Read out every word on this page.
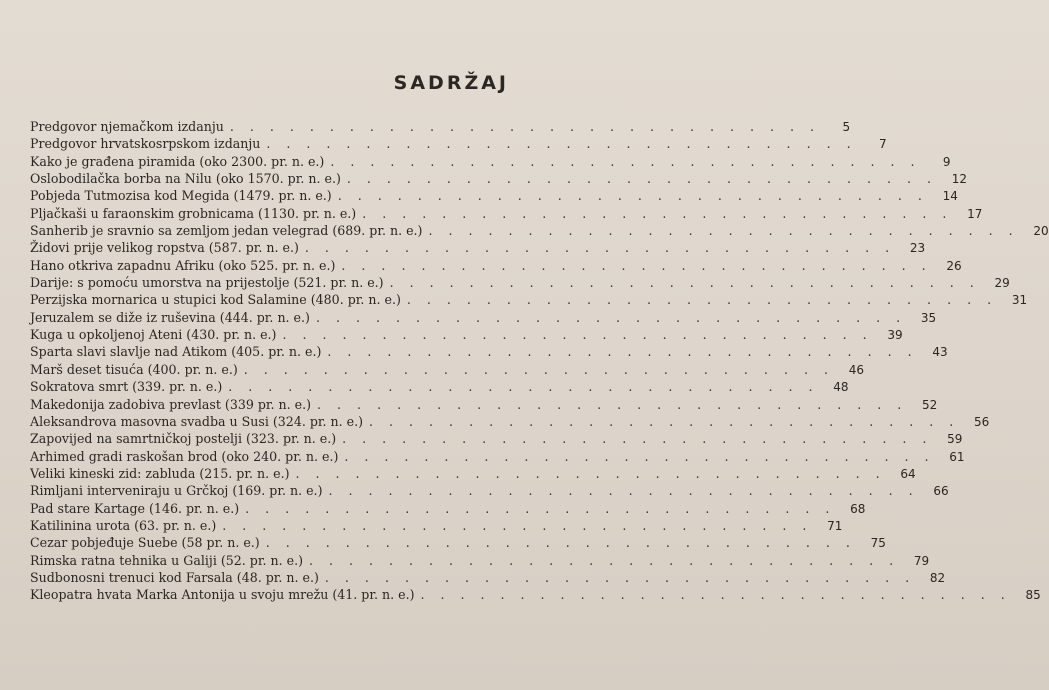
SADRŽAJ
Predgovor njemačkom izdanju . . . . . . . . . . . . . . . . . . . . . . . . . . . . . .	5
Predgovor hrvatskosrpskom izdanju . . . . . . . . . . . . . . . . . . . . . . . . . . . . . .	7
Kako je građena piramida (oko 2300. pr. n. e.) . . . . . . . . . . . . . . . . . . . . . . . . . . . . . .	9
Oslobodilačka borba na Nilu (oko 1570. pr. n. e.) . . . . . . . . . . . . . . . . . . . . . . . . . . . . . .	12
Pobjeda Tutmozisa kod Megida (1479. pr. n. e.) . . . . . . . . . . . . . . . . . . . . . . . . . . . . . .	14
Pljačkaši u faraonskim grobnicama (1130. pr. n. e.) . . . . . . . . . . . . . . . . . . . . . . . . . . . . . .	17
Sanherib je sravnio sa zemljom jedan velegrad (689. pr. n. e.) . . . . . . . . . . . . . . . . . . . . . . . . . . . . . .	20
Židovi prije velikog ropstva (587. pr. n. e.) . . . . . . . . . . . . . . . . . . . . . . . . . . . . . .	23
Hano otkriva zapadnu Afriku (oko 525. pr. n. e.) . . . . . . . . . . . . . . . . . . . . . . . . . . . . . .	26
Darije: s pomoću umorstva na prijestolje (521. pr. n. e.) . . . . . . . . . . . . . . . . . . . . . . . . . . . . . .	29
Perzijska mornarica u stupici kod Salamine (480. pr. n. e.) . . . . . . . . . . . . . . . . . . . . . . . . . . . . . .	31
Jeruzalem se diže iz ruševina (444. pr. n. e.) . . . . . . . . . . . . . . . . . . . . . . . . . . . . . .	35
Kuga u opkoljenoj Ateni (430. pr. n. e.) . . . . . . . . . . . . . . . . . . . . . . . . . . . . . .	39
Sparta slavi slavlje nad Atikom (405. pr. n. e.) . . . . . . . . . . . . . . . . . . . . . . . . . . . . . .	43
Marš deset tisuća (400. pr. n. e.) . . . . . . . . . . . . . . . . . . . . . . . . . . . . . .	46
Sokratova smrt (339. pr. n. e.) . . . . . . . . . . . . . . . . . . . . . . . . . . . . . .	48
Makedonija zadobiva prevlast (339 pr. n. e.) . . . . . . . . . . . . . . . . . . . . . . . . . . . . . .	52
Aleksandrova masovna svadba u Susi (324. pr. n. e.) . . . . . . . . . . . . . . . . . . . . . . . . . . . . . .	56
Zapovijed na samrtničkoj postelji (323. pr. n. e.) . . . . . . . . . . . . . . . . . . . . . . . . . . . . . .	59
Arhimed gradi raskošan brod (oko 240. pr. n. e.) . . . . . . . . . . . . . . . . . . . . . . . . . . . . . .	61
Veliki kineski zid: zabluda (215. pr. n. e.) . . . . . . . . . . . . . . . . . . . . . . . . . . . . . .	64
Rimljani interveniraju u Grčkoj (169. pr. n. e.) . . . . . . . . . . . . . . . . . . . . . . . . . . . . . .	66
Pad stare Kartage (146. pr. n. e.) . . . . . . . . . . . . . . . . . . . . . . . . . . . . . .	68
Katilinina urota (63. pr. n. e.) . . . . . . . . . . . . . . . . . . . . . . . . . . . . . .	71
Cezar pobjeđuje Suebe (58 pr. n. e.) . . . . . . . . . . . . . . . . . . . . . . . . . . . . . .	75
Rimska ratna tehnika u Galiji (52. pr. n. e.) . . . . . . . . . . . . . . . . . . . . . . . . . . . . . .	79
Sudbonosni trenuci kod Farsala (48. pr. n. e.) . . . . . . . . . . . . . . . . . . . . . . . . . . . . . .	82
Kleopatra hvata Marka Antonija u svoju mrežu (41. pr. n. e.) . . . . . . . . . . . . . . . . . . . . . . . . . . . . . .	85
